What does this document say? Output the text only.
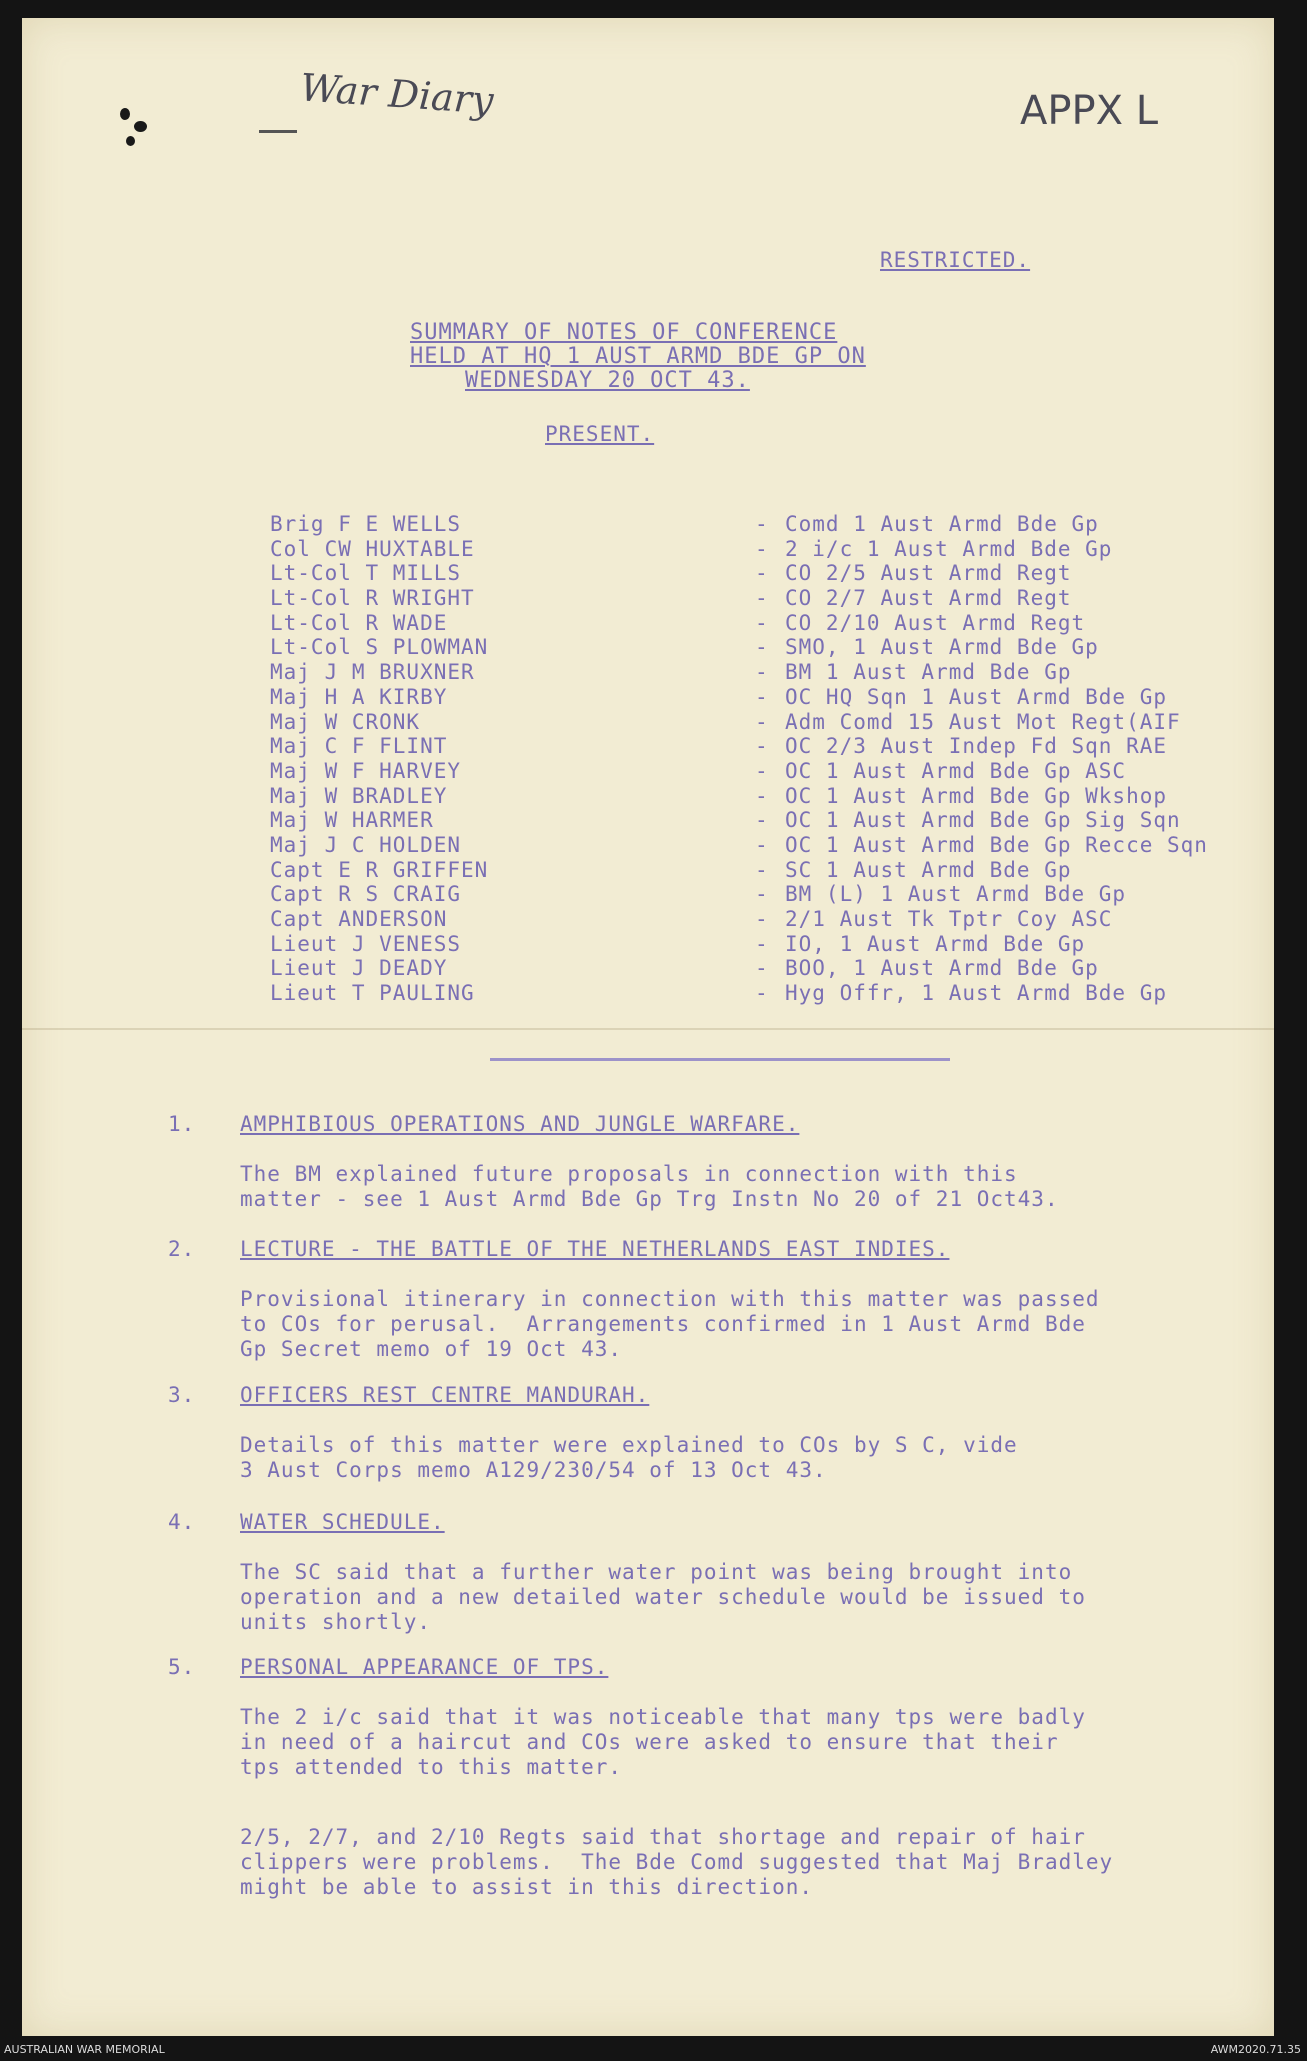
War Diary	APPX L
RESTRICTED.
SUMMARY OF NOTES OF CONFERENCE
HELD AT HQ 1 AUST ARMD BDE GP ON
WEDNESDAY 20 OCT 43.
PRESENT.
Brig F E WELLS	- Comd 1 Aust Armd Bde Gp
Col CW HUXTABLE	- 2 i/c 1 Aust Armd Bde Gp
Lt-Col T MILLS	- CO 2/5 Aust Armd Regt
Lt-Col R WRIGHT	- CO 2/7 Aust Armd Regt
Lt-Col R WADE	- CO 2/10 Aust Armd Regt
Lt-Col S PLOWMAN	- SMO, 1 Aust Armd Bde Gp
Maj J M BRUXNER	- BM 1 Aust Armd Bde Gp
Maj H A KIRBY	- OC HQ Sqn 1 Aust Armd Bde Gp
Maj W CRONK	- Adm Comd 15 Aust Mot Regt(AIF
Maj C F FLINT	- OC 2/3 Aust Indep Fd Sqn RAE
Maj W F HARVEY	- OC 1 Aust Armd Bde Gp ASC
Maj W BRADLEY	- OC 1 Aust Armd Bde Gp Wkshop
Maj W HARMER	- OC 1 Aust Armd Bde Gp Sig Sqn
Maj J C HOLDEN	- OC 1 Aust Armd Bde Gp Recce Sqn
Capt E R GRIFFEN	- SC 1 Aust Armd Bde Gp
Capt R S CRAIG	- BM (L) 1 Aust Armd Bde Gp
Capt ANDERSON	- 2/1 Aust Tk Tptr Coy ASC
Lieut J VENESS	- IO, 1 Aust Armd Bde Gp
Lieut J DEADY	- BOO, 1 Aust Armd Bde Gp
Lieut T PAULING	- Hyg Offr, 1 Aust Armd Bde Gp
1. AMPHIBIOUS OPERATIONS AND JUNGLE WARFARE.
The BM explained future proposals in connection with this
matter - see 1 Aust Armd Bde Gp Trg Instn No 20 of 21 Oct43.
2. LECTURE - THE BATTLE OF THE NETHERLANDS EAST INDIES.
Provisional itinerary in connection with this matter was passed
to COs for perusal.  Arrangements confirmed in 1 Aust Armd Bde
Gp Secret memo of 19 Oct 43.
3. OFFICERS REST CENTRE MANDURAH.
Details of this matter were explained to COs by S C, vide
3 Aust Corps memo A129/230/54 of 13 Oct 43.
4. WATER SCHEDULE.
The SC said that a further water point was being brought into
operation and a new detailed water schedule would be issued to
units shortly.
5. PERSONAL APPEARANCE OF TPS.
The 2 i/c said that it was noticeable that many tps were badly
in need of a haircut and COs were asked to ensure that their
tps attended to this matter.
2/5, 2/7, and 2/10 Regts said that shortage and repair of hair
clippers were problems.  The Bde Comd suggested that Maj Bradley
might be able to assist in this direction.
AUSTRALIAN WAR MEMORIAL	AWM2020.71.35
